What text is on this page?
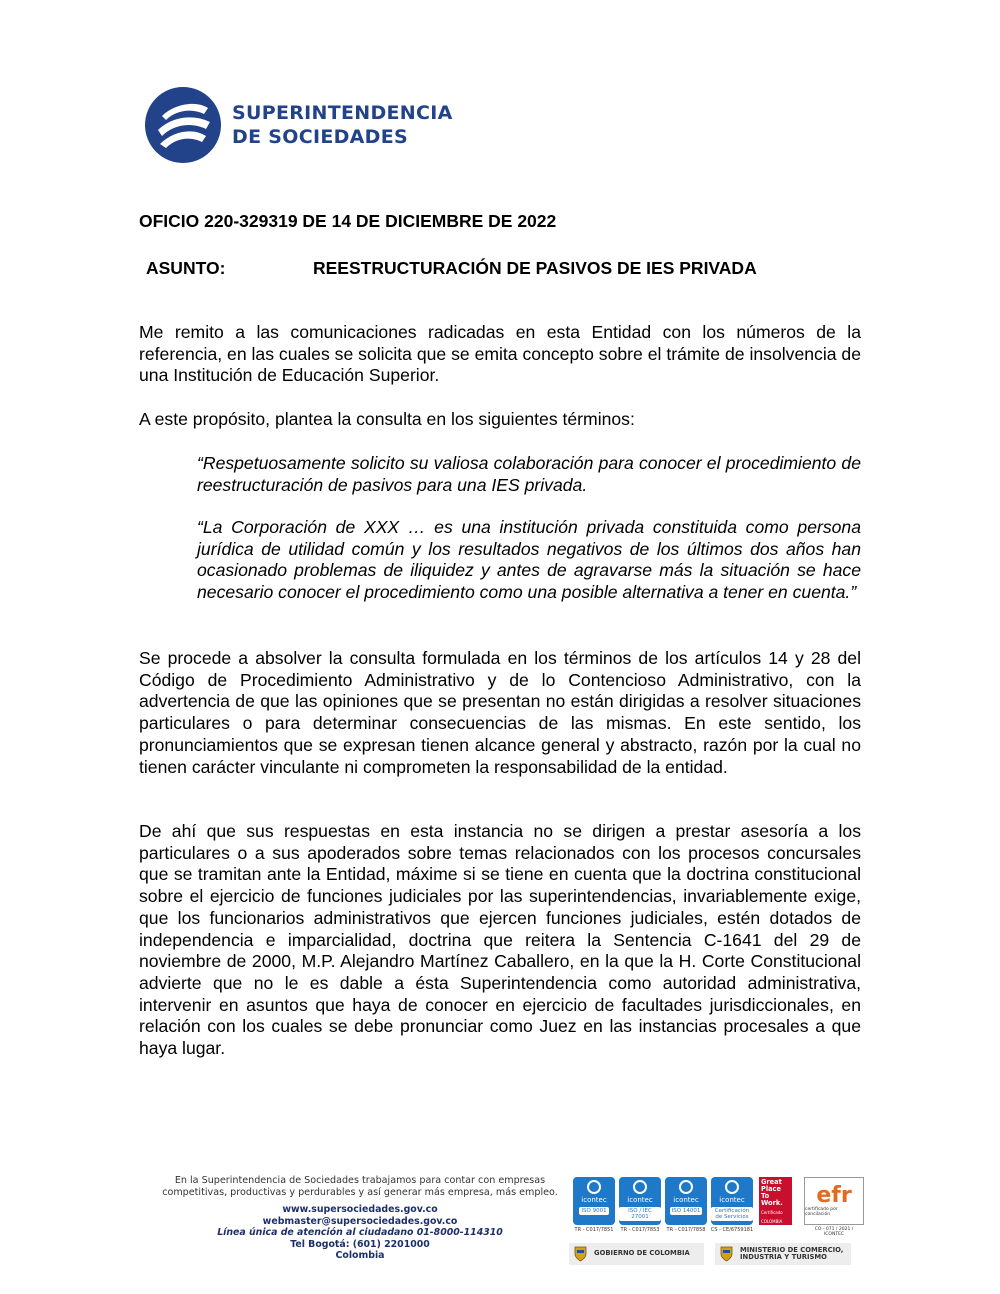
SUPERINTENDENCIA
DE SOCIEDADES
OFICIO 220-329319 DE 14 DE DICIEMBRE DE 2022
ASUNTO:	REESTRUCTURACIÓN DE PASIVOS DE IES PRIVADA
Me remito a las comunicaciones radicadas en esta Entidad con los números de la referencia, en las cuales se solicita que se emita concepto sobre el trámite de insolvencia de una Institución de Educación Superior.
A este propósito, plantea la consulta en los siguientes términos:
“Respetuosamente solicito su valiosa colaboración para conocer el procedimiento de reestructuración de pasivos para una IES privada.
“La Corporación de XXX … es una institución privada constituida como persona jurídica de utilidad común y los resultados negativos de los últimos dos años han ocasionado problemas de iliquidez y antes de agravarse más la situación se hace necesario conocer el procedimiento como una posible alternativa a tener en cuenta.”
Se procede a absolver la consulta formulada en los términos de los artículos 14 y 28 del Código de Procedimiento Administrativo y de lo Contencioso Administrativo, con la advertencia de que las opiniones que se presentan no están dirigidas a resolver situaciones particulares o para determinar consecuencias de las mismas. En este sentido, los pronunciamientos que se expresan tienen alcance general y abstracto, razón por la cual no tienen carácter vinculante ni comprometen la responsabilidad de la entidad.
De ahí que sus respuestas en esta instancia no se dirigen a prestar asesoría a los particulares o a sus apoderados sobre temas relacionados con los procesos concursales que se tramitan ante la Entidad, máxime si se tiene en cuenta que la doctrina constitucional sobre el ejercicio de funciones judiciales por las superintendencias, invariablemente exige, que los funcionarios administrativos que ejercen funciones judiciales, estén dotados de independencia e imparcialidad, doctrina que reitera la Sentencia C-1641 del 29 de noviembre de 2000, M.P. Alejandro Martínez Caballero, en la que la H. Corte Constitucional advierte que no le es dable a ésta Superintendencia como autoridad administrativa, intervenir en asuntos que haya de conocer en ejercicio de facultades jurisdiccionales, en relación con los cuales se debe pronunciar como Juez en las instancias procesales a que haya lugar.
En la Superintendencia de Sociedades trabajamos para contar con empresas
competitivas, productivas y perdurables y así generar más empresa, más empleo.
www.supersociedades.gov.co
webmaster@supersociedades.gov.co
Línea única de atención al ciudadano 01-8000-114310
Tel Bogotá: (601) 2201000
Colombia
icontec
ISO 9001
TR - C017/7851
icontec
ISO / IEC 27001
TR - C017/7853
icontec
ISO 14001
TR - C017/7858
icontec
Certificación de Servicios
CS - CE/6759181
Great
Place
To
Work.
Certificado
COLOMBIA
efr
certificado por concilación
CO - 071 / 2021 / ICONTEC
GOBIERNO DE COLOMBIA	MINISTERIO DE COMERCIO,
INDUSTRIA Y TURISMO
